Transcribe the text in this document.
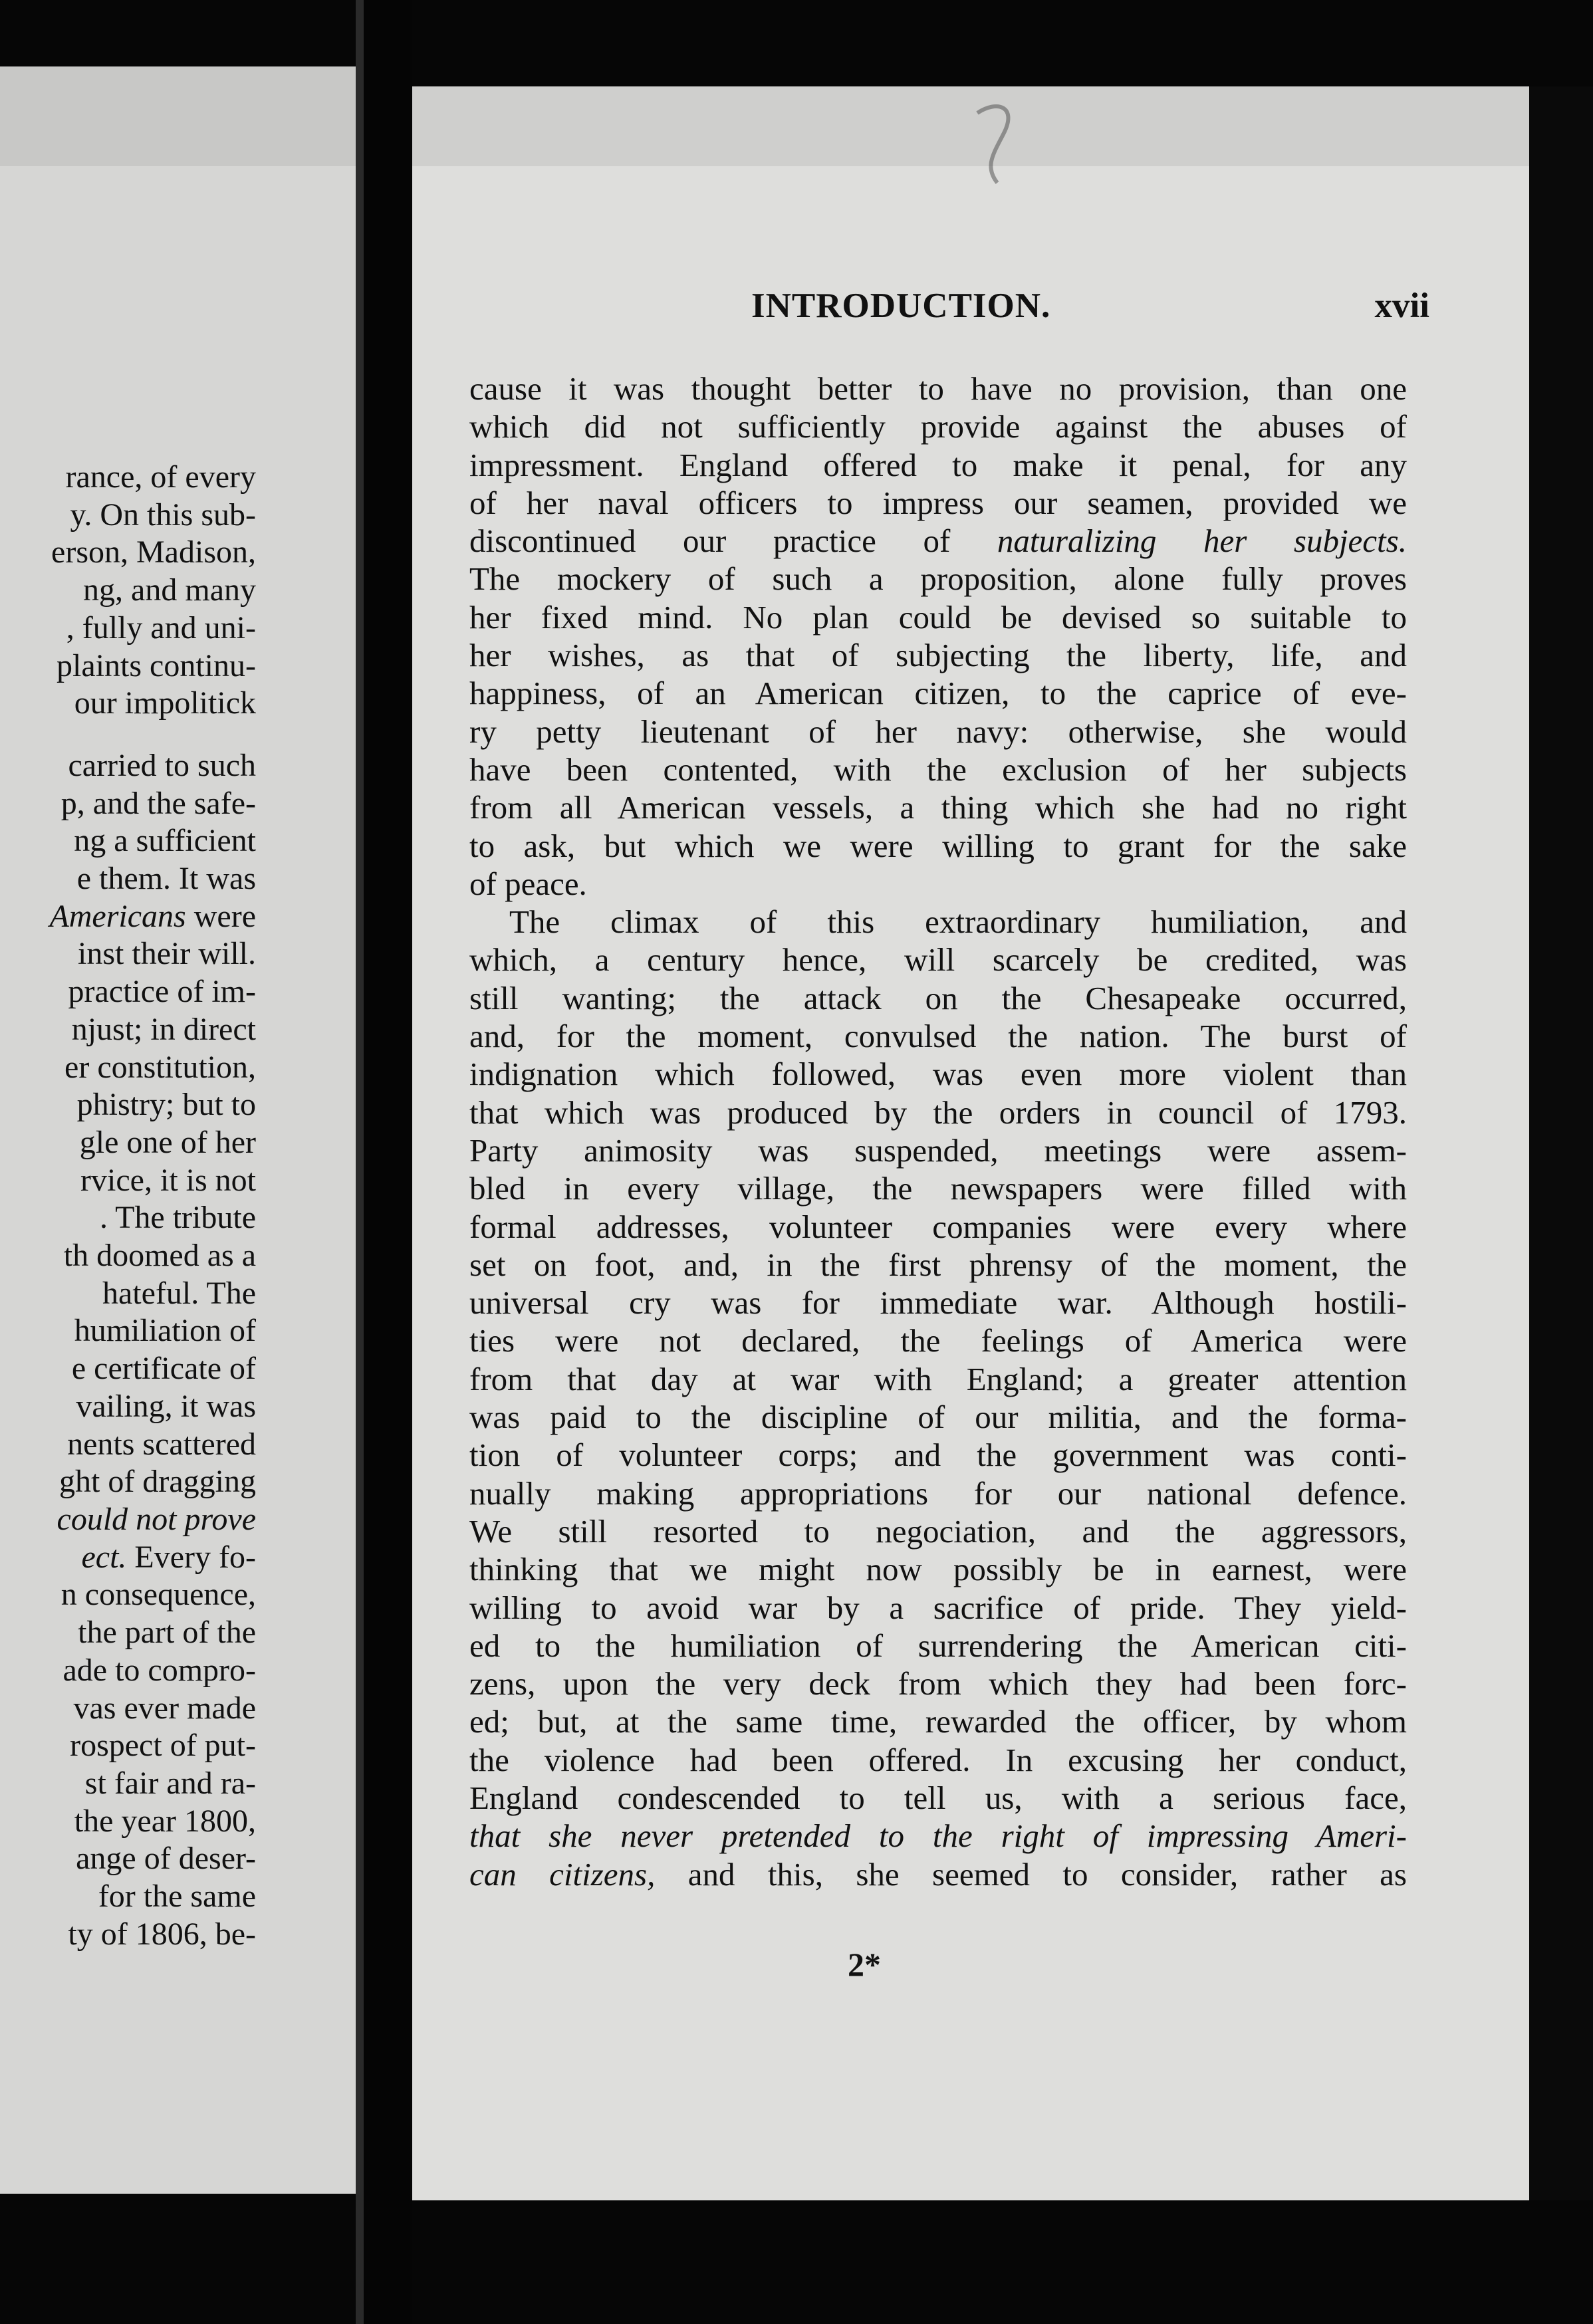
rance, of every
y. On this sub-
erson, Madison,
ng, and many
, fully and uni-
plaints continu-
our impolitick
carried to such
p, and the safe-
ng a sufficient
e them. It was
Americans were
inst their will.
practice of im-
njust; in direct
er constitution,
phistry; but to
gle one of her
rvice, it is not
. The tribute
th doomed as a
hateful. The
humiliation of
e certificate of
vailing, it was
nents scattered
ght of dragging
could not prove
ect. Every fo-
n consequence,
the part of the
ade to compro-
vas ever made
rospect of put-
st fair and ra-
the year 1800,
ange of deser-
for the same
ty of 1806, be-
INTRODUCTION.	xvii
cause it was thought better to have no provision, than one
which did not sufficiently provide against the abuses of
impressment. England offered to make it penal, for any
of her naval officers to impress our seamen, provided we
discontinued our practice of naturalizing her subjects.
The mockery of such a proposition, alone fully proves
her fixed mind. No plan could be devised so suitable to
her wishes, as that of subjecting the liberty, life, and
happiness, of an American citizen, to the caprice of eve-
ry petty lieutenant of her navy: otherwise, she would
have been contented, with the exclusion of her subjects
from all American vessels, a thing which she had no right
to ask, but which we were willing to grant for the sake
of peace.
The climax of this extraordinary humiliation, and
which, a century hence, will scarcely be credited, was
still wanting; the attack on the Chesapeake occurred,
and, for the moment, convulsed the nation. The burst of
indignation which followed, was even more violent than
that which was produced by the orders in council of 1793.
Party animosity was suspended, meetings were assem-
bled in every village, the newspapers were filled with
formal addresses, volunteer companies were every where
set on foot, and, in the first phrensy of the moment, the
universal cry was for immediate war. Although hostili-
ties were not declared, the feelings of America were
from that day at war with England; a greater attention
was paid to the discipline of our militia, and the forma-
tion of volunteer corps; and the government was conti-
nually making appropriations for our national defence.
We still resorted to negociation, and the aggressors,
thinking that we might now possibly be in earnest, were
willing to avoid war by a sacrifice of pride. They yield-
ed to the humiliation of surrendering the American citi-
zens, upon the very deck from which they had been forc-
ed; but, at the same time, rewarded the officer, by whom
the violence had been offered. In excusing her conduct,
England condescended to tell us, with a serious face,
that she never pretended to the right of impressing Ameri-
can citizens, and this, she seemed to consider, rather as
2*
